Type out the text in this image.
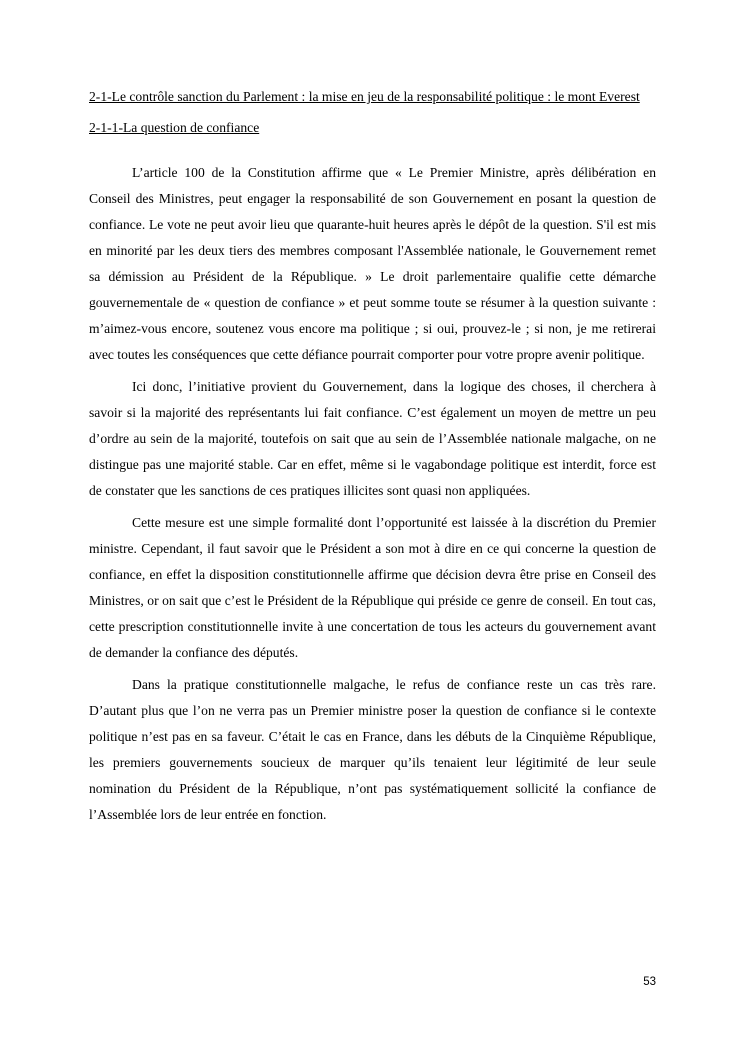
2-1-Le contrôle sanction du Parlement : la mise en jeu de la responsabilité politique : le mont Everest

2-1-1-La question de confiance

L’article 100 de la Constitution affirme que « Le Premier Ministre, après délibération en Conseil des Ministres, peut engager la responsabilité de son Gouvernement en posant la question de confiance. Le vote ne peut avoir lieu que quarante-huit heures après le dépôt de la question. S'il est mis en minorité par les deux tiers des membres composant l'Assemblée nationale, le Gouvernement remet sa démission au Président de la République. » Le droit parlementaire qualifie cette démarche gouvernementale de « question de confiance » et peut somme toute se résumer à la question suivante : m’aimez-vous encore, soutenez vous encore ma politique ; si oui, prouvez-le ; si non, je me retirerai avec toutes les conséquences que cette défiance pourrait comporter pour votre propre avenir politique.

Ici donc, l’initiative provient du Gouvernement, dans la logique des choses, il cherchera à savoir si la majorité des représentants lui fait confiance. C’est également un moyen de mettre un peu d’ordre au sein de la majorité, toutefois on sait que au sein de l’Assemblée nationale malgache, on ne distingue pas une majorité stable. Car en effet, même si le vagabondage politique est interdit, force est de constater que les sanctions de ces pratiques illicites sont quasi non appliquées.

Cette mesure est une simple formalité dont l’opportunité est laissée à la discrétion du Premier ministre. Cependant, il faut savoir que le Président a son mot à dire en ce qui concerne la question de confiance, en effet la disposition constitutionnelle affirme que décision devra être prise en Conseil des Ministres, or on sait que c’est le Président de la République qui préside ce genre de conseil. En tout cas, cette prescription constitutionnelle invite à une concertation de tous les acteurs du gouvernement avant de demander la confiance des députés.

Dans la pratique constitutionnelle malgache, le refus de confiance reste un cas très rare. D’autant plus que l’on ne verra pas un Premier ministre poser la question de confiance si le contexte politique n’est pas en sa faveur. C’était le cas en France, dans les débuts de la Cinquième République, les premiers gouvernements soucieux de marquer qu’ils tenaient leur légitimité de leur seule nomination du Président de la République, n’ont pas systématiquement sollicité la confiance de l’Assemblée lors de leur entrée en fonction.

53
